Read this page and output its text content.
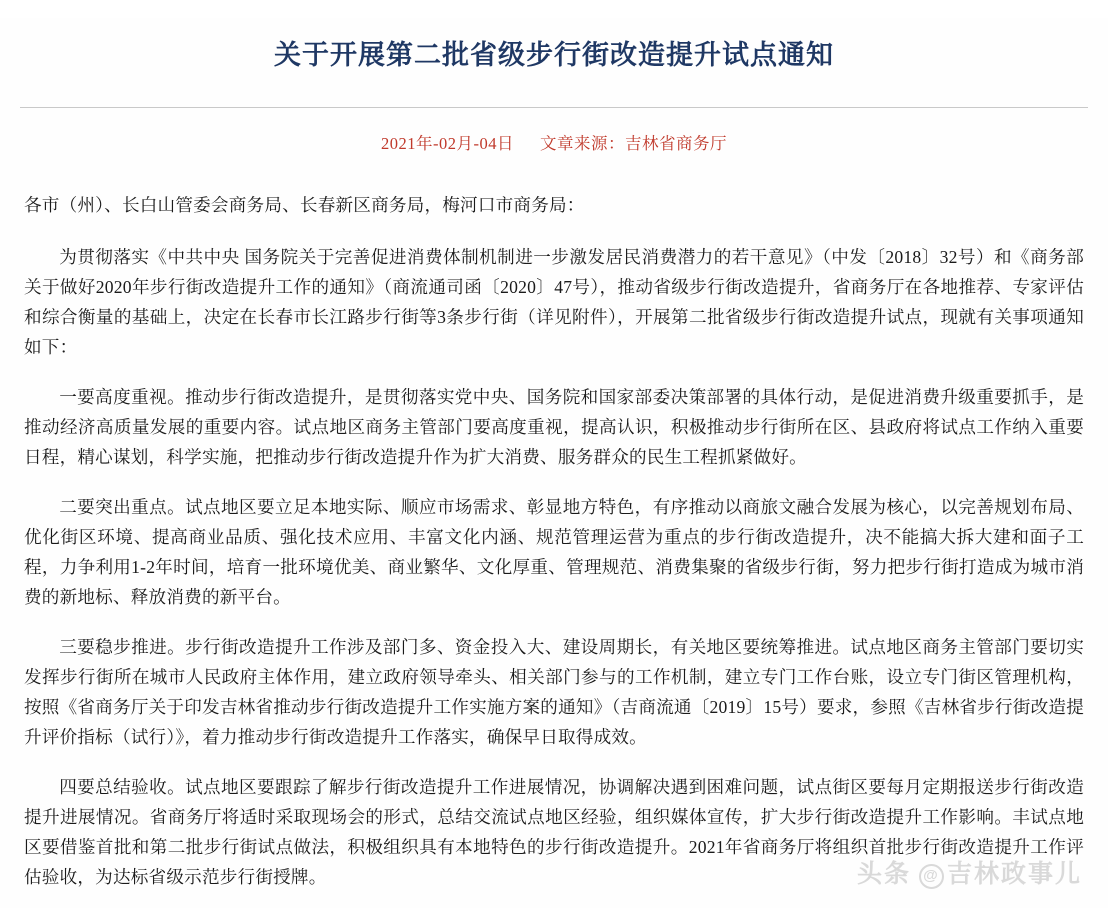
关于开展第二批省级步行街改造提升试点通知
2021年-02月-04日 文章来源：吉林省商务厅

各市（州）、长白山管委会商务局、长春新区商务局，梅河口市商务局：

为贯彻落实《中共中央 国务院关于完善促进消费体制机制进一步激发居民消费潜力的若干意见》（中发〔2018〕32号）和《商务部关于做好2020年步行街改造提升工作的通知》（商流通司函〔2020〕47号），推动省级步行街改造提升，省商务厅在各地推荐、专家评估和综合衡量的基础上，决定在长春市长江路步行街等3条步行街（详见附件），开展第二批省级步行街改造提升试点，现就有关事项通知如下：

一要高度重视。推动步行街改造提升，是贯彻落实党中央、国务院和国家部委决策部署的具体行动，是促进消费升级重要抓手，是推动经济高质量发展的重要内容。试点地区商务主管部门要高度重视，提高认识，积极推动步行街所在区、县政府将试点工作纳入重要日程，精心谋划，科学实施，把推动步行街改造提升作为扩大消费、服务群众的民生工程抓紧做好。

二要突出重点。试点地区要立足本地实际、顺应市场需求、彰显地方特色，有序推动以商旅文融合发展为核心，以完善规划布局、优化街区环境、提高商业品质、强化技术应用、丰富文化内涵、规范管理运营为重点的步行街改造提升，决不能搞大拆大建和面子工程，力争利用1-2年时间，培育一批环境优美、商业繁华、文化厚重、管理规范、消费集聚的省级步行街，努力把步行街打造成为城市消费的新地标、释放消费的新平台。

三要稳步推进。步行街改造提升工作涉及部门多、资金投入大、建设周期长，有关地区要统筹推进。试点地区商务主管部门要切实发挥步行街所在城市人民政府主体作用，建立政府领导牵头、相关部门参与的工作机制，建立专门工作台账，设立专门街区管理机构，按照《省商务厅关于印发吉林省推动步行街改造提升工作实施方案的通知》（吉商流通〔2019〕15号）要求，参照《吉林省步行街改造提升评价指标（试行）》，着力推动步行街改造提升工作落实，确保早日取得成效。

四要总结验收。试点地区要跟踪了解步行街改造提升工作进展情况，协调解决遇到困难问题，试点街区要每月定期报送步行街改造提升进展情况。省商务厅将适时采取现场会的形式，总结交流试点地区经验，组织媒体宣传，扩大步行街改造提升工作影响。丰试点地区要借鉴首批和第二批步行街试点做法，积极组织具有本地特色的步行街改造提升。2021年省商务厅将组织首批步行街改造提升工作评估验收，为达标省级示范步行街授牌。	头条 @ 吉林政事儿
